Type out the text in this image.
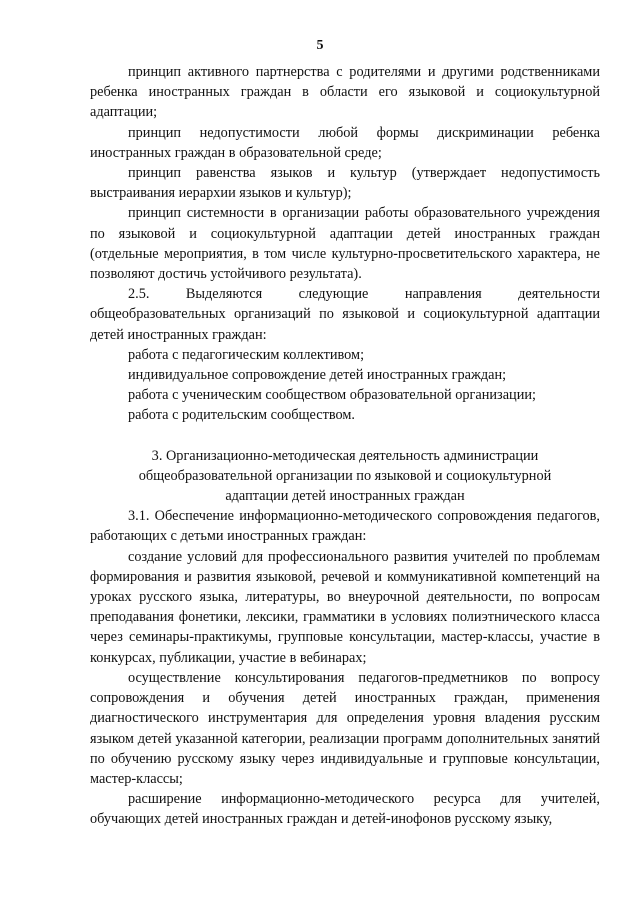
5

принцип активного партнерства с родителями и другими родственниками ребенка иностранных граждан в области его языковой и социокультурной адаптации;

принцип недопустимости любой формы дискриминации ребенка иностранных граждан в образовательной среде;

принцип равенства языков и культур (утверждает недопустимость выстраивания иерархии языков и культур);

принцип системности в организации работы образовательного учреждения по языковой и социокультурной адаптации детей иностранных граждан (отдельные мероприятия, в том числе культурно-просветительского характера, не позволяют достичь устойчивого результата).

2.5. Выделяются следующие направления деятельности общеобразовательных организаций по языковой и социокультурной адаптации детей иностранных граждан:

работа с педагогическим коллективом;

индивидуальное сопровождение детей иностранных граждан;

работа с ученическим сообществом образовательной организации;

работа с родительским сообществом.

3. Организационно-методическая деятельность администрации общеобразовательной организации по языковой и социокультурной адаптации детей иностранных граждан

3.1. Обеспечение информационно-методического сопровождения педагогов, работающих с детьми иностранных граждан:

создание условий для профессионального развития учителей по проблемам формирования и развития языковой, речевой и коммуникативной компетенций на уроках русского языка, литературы, во внеурочной деятельности, по вопросам преподавания фонетики, лексики, грамматики в условиях полиэтнического класса через семинары-практикумы, групповые консультации, мастер-классы, участие в конкурсах, публикации, участие в вебинарах;

осуществление консультирования педагогов-предметников по вопросу сопровождения и обучения детей иностранных граждан, применения диагностического инструментария для определения уровня владения русским языком детей указанной категории, реализации программ дополнительных занятий по обучению русскому языку через индивидуальные и групповые консультации, мастер-классы;

расширение информационно-методического ресурса для учителей, обучающих детей иностранных граждан и детей-инофонов русскому языку,
